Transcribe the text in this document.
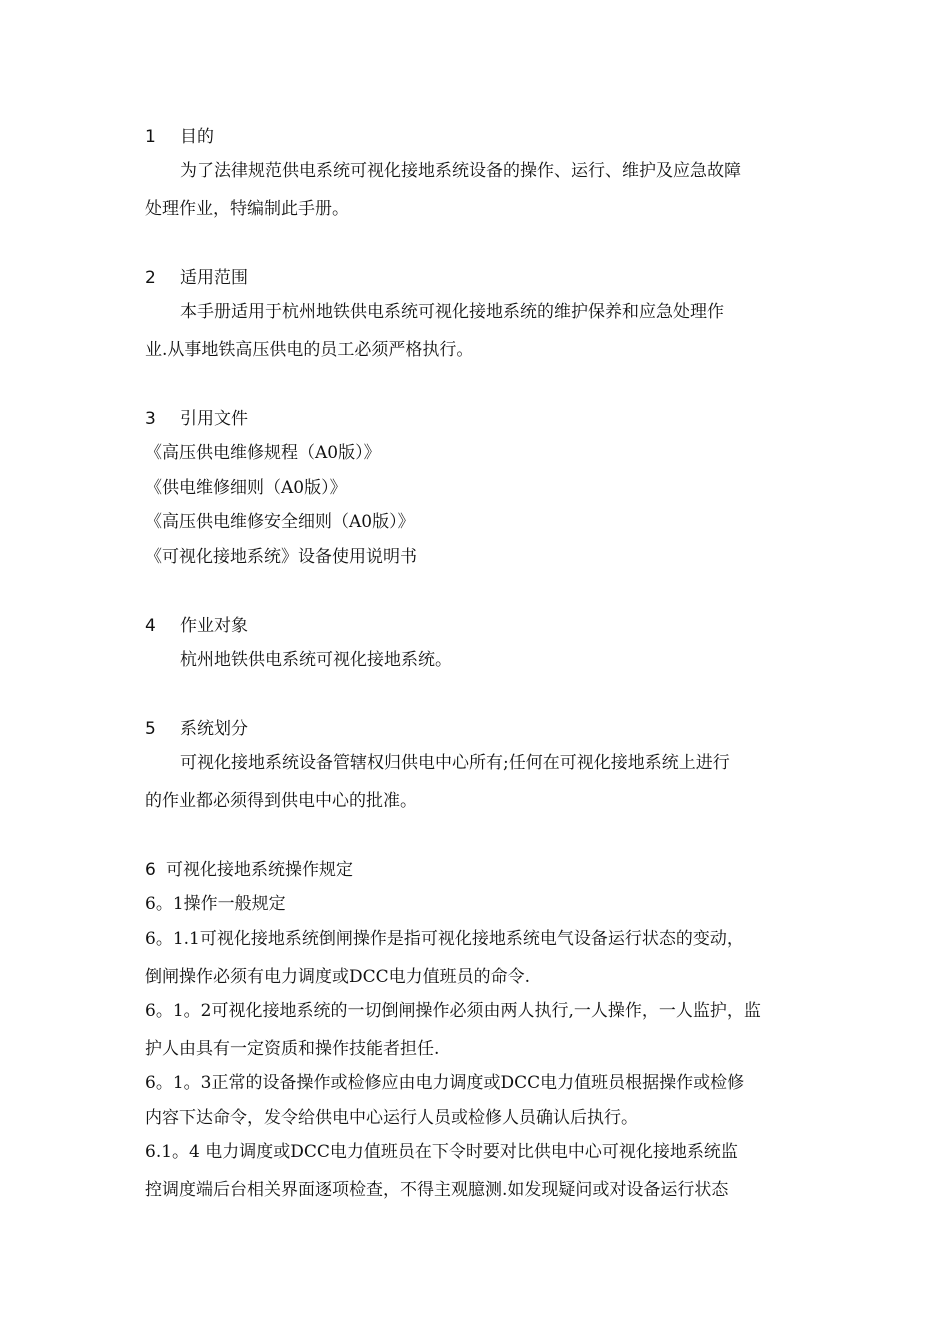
1 目的
为了法律规范供电系统可视化接地系统设备的操作、运行、维护及应急故障
处理作业，特编制此手册。
2 适用范围
本手册适用于杭州地铁供电系统可视化接地系统的维护保养和应急处理作
业.从事地铁高压供电的员工必须严格执行。
3 引用文件
《高压供电维修规程（A0版）》
《供电维修细则（A0版）》
《高压供电维修安全细则（A0版）》
《可视化接地系统》设备使用说明书
4 作业对象
杭州地铁供电系统可视化接地系统。
5 系统划分
可视化接地系统设备管辖权归供电中心所有;任何在可视化接地系统上进行
的作业都必须得到供电中心的批准。
6 可视化接地系统操作规定
6。1操作一般规定
6。1.1可视化接地系统倒闸操作是指可视化接地系统电气设备运行状态的变动，
倒闸操作必须有电力调度或DCC电力值班员的命令.
6。1。2可视化接地系统的一切倒闸操作必须由两人执行,一人操作，一人监护，监
护人由具有一定资质和操作技能者担任.
6。1。3正常的设备操作或检修应由电力调度或DCC电力值班员根据操作或检修
内容下达命令，发令给供电中心运行人员或检修人员确认后执行。
6.1。4 电力调度或DCC电力值班员在下令时要对比供电中心可视化接地系统监
控调度端后台相关界面逐项检查，不得主观臆测.如发现疑问或对设备运行状态
